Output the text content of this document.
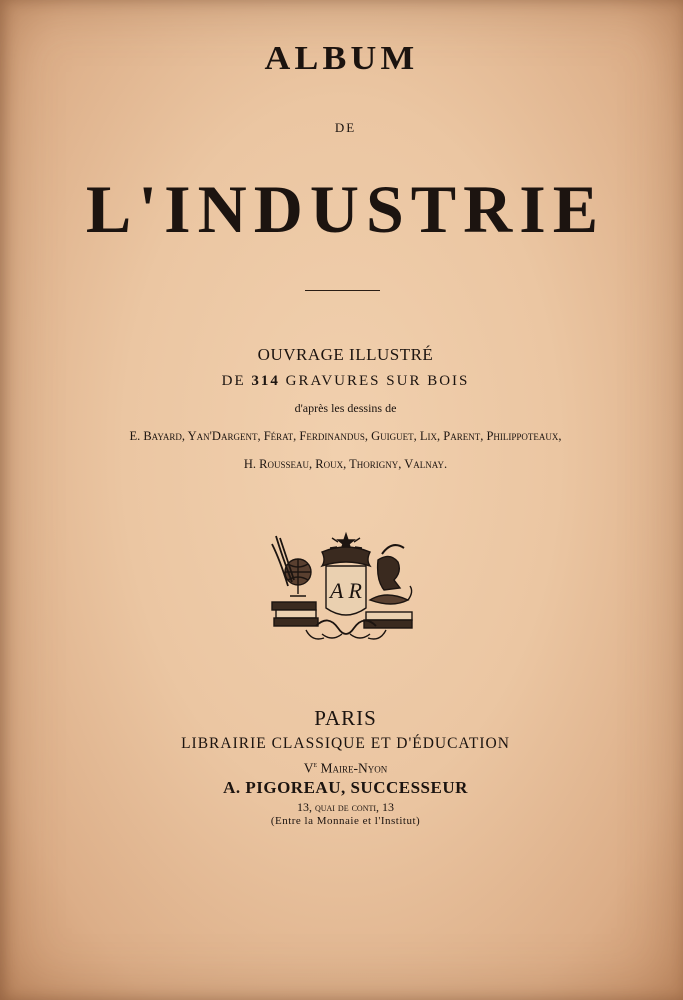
ALBUM
DE
L'INDUSTRIE
OUVRAGE ILLUSTRÉ
DE 314 GRAVURES SUR BOIS
d'après les dessins de
E. Bayard, Yan'Dargent, Férat, Ferdinandus, Guiguet, Lix, Parent, Philippoteaux,
H. Rousseau, Roux, Thorigny, Valnay.
A R
PARIS
LIBRAIRIE CLASSIQUE ET D'ÉDUCATION
Ve Maire-Nyon
A. PIGOREAU, SUCCESSEUR
13, quai de conti, 13
(Entre la Monnaie et l'Institut)
